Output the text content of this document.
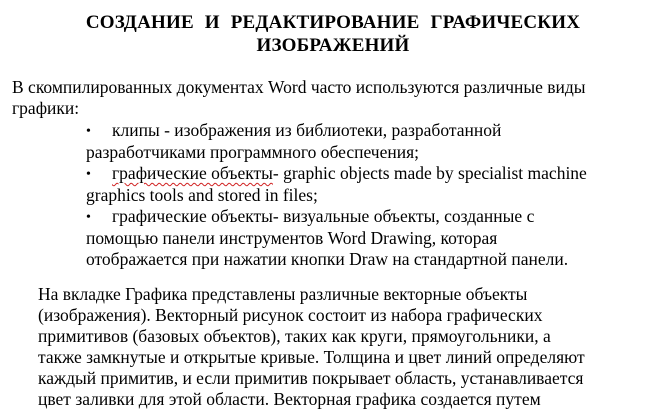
СОЗДАНИЕ И РЕДАКТИРОВАНИЕ ГРАФИЧЕСКИХ
ИЗОБРАЖЕНИЙ
В скомпилированных документах Word часто используются различные виды
графики:
• клипы - изображения из библиотеки, разработанной
разработчиками программного обеспечения;
• графические объекты- graphic objects made by specialist machine
graphics tools and stored in files;
• графические объекты- визуальные объекты, созданные с
помощью панели инструментов Word Drawing, которая
отображается при нажатии кнопки Draw на стандартной панели.
На вкладке Графика представлены различные векторные объекты
(изображения). Векторный рисунок состоит из набора графических
примитивов (базовых объектов), таких как круги, прямоугольники, а
также замкнутые и открытые кривые. Толщина и цвет линий определяют
каждый примитив, и если примитив покрывает область, устанавливается
цвет заливки для этой области. Векторная графика создается путем
